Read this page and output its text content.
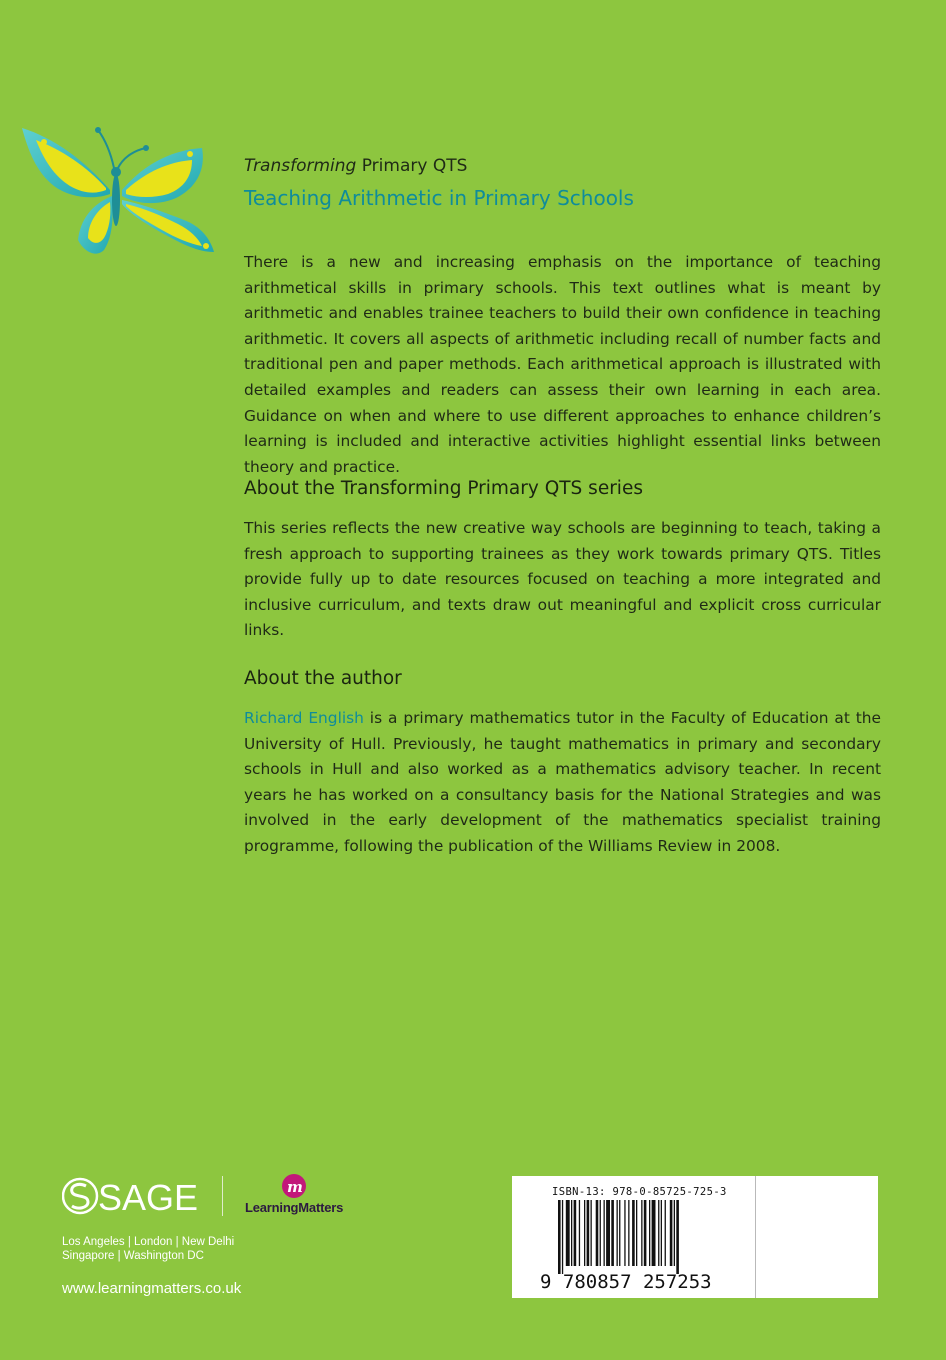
Transforming Primary QTS
Teaching Arithmetic in Primary Schools

There is a new and increasing emphasis on the importance of teaching arithmetical skills in primary schools. This text outlines what is meant by arithmetic and enables trainee teachers to build their own confidence in teaching arithmetic. It covers all aspects of arithmetic including recall of number facts and traditional pen and paper methods. Each arithmetical approach is illustrated with detailed examples and readers can assess their own learning in each area. Guidance on when and where to use different approaches to enhance children’s learning is included and interactive activities highlight essential links between theory and practice.

About the Transforming Primary QTS series

This series reflects the new creative way schools are beginning to teach, taking a fresh approach to supporting trainees as they work towards primary QTS. Titles provide fully up to date resources focused on teaching a more integrated and inclusive curriculum, and texts draw out meaningful and explicit cross curricular links.

About the author

Richard English is a primary mathematics tutor in the Faculty of Education at the University of Hull. Previously, he taught mathematics in primary and secondary schools in Hull and also worked as a mathematics advisory teacher. In recent years he has worked on a consultancy basis for the National Strategies and was involved in the early development of the mathematics specialist training programme, following the publication of the Williams Review in 2008.

SAGE	m
LearningMatters
Los Angeles | London | New Delhi
Singapore | Washington DC
www.learningmatters.co.uk
ISBN-13: 978-0-85725-725-3
9 780857 257253
